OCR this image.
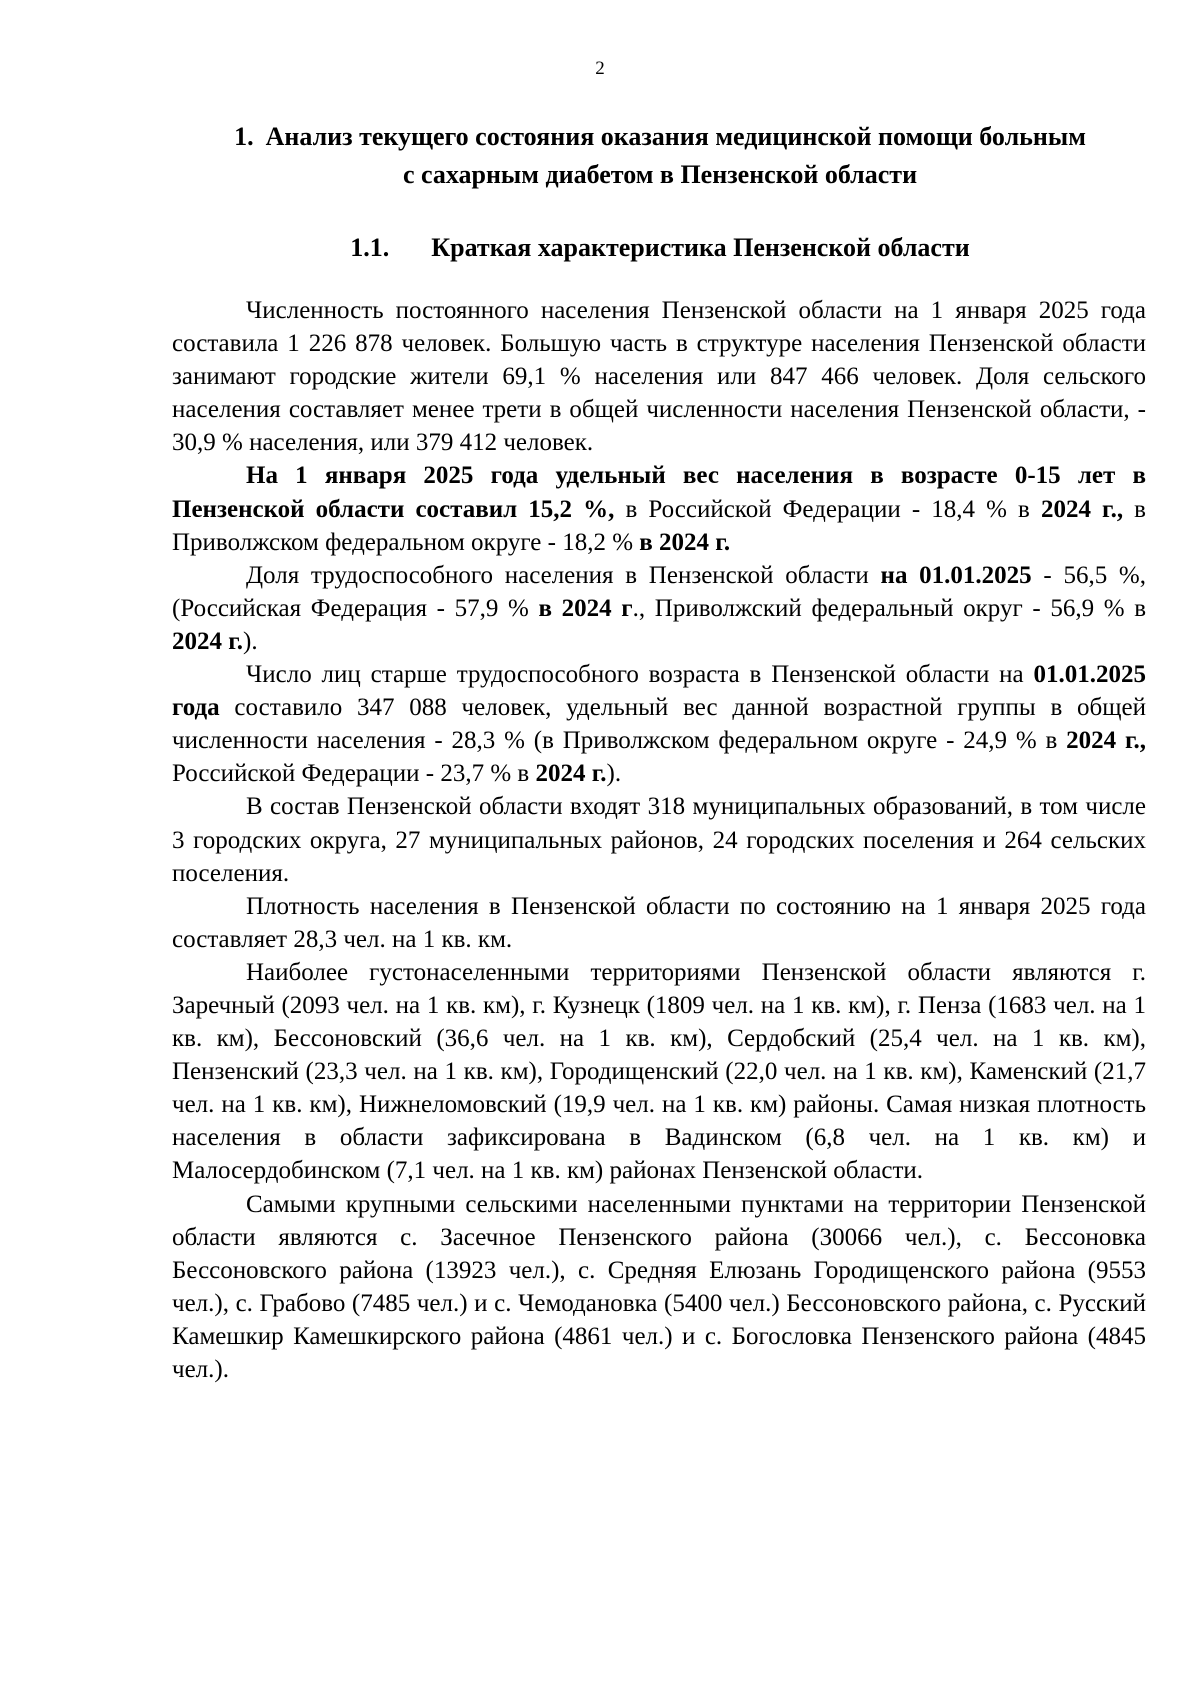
2
1. Анализ текущего состояния оказания медицинской помощи больным
с сахарным диабетом в Пензенской области
1.1. Краткая характеристика Пензенской области

Численность постоянного населения Пензенской области на 1 января 2025 года составила 1 226 878 человек. Большую часть в структуре населения Пензенской области занимают городские жители 69,1 % населения или 847 466 человек. Доля сельского населения составляет менее трети в общей численности населения Пензенской области, - 30,9 % населения, или 379 412 человек.

На 1 января 2025 года удельный вес населения в возрасте 0-15 лет в Пензенской области составил 15,2 %, в Российской Федерации - 18,4 % в 2024 г., в Приволжском федеральном округе - 18,2 % в 2024 г.

Доля трудоспособного населения в Пензенской области на 01.01.2025 - 56,5 %, (Российская Федерация - 57,9 % в 2024 г., Приволжский федеральный округ - 56,9 % в 2024 г.).

Число лиц старше трудоспособного возраста в Пензенской области на 01.01.2025 года составило 347 088 человек, удельный вес данной возрастной группы в общей численности населения - 28,3 % (в Приволжском федеральном округе - 24,9 % в 2024 г., Российской Федерации - 23,7 % в 2024 г.).

В состав Пензенской области входят 318 муниципальных образований, в том числе 3 городских округа, 27 муниципальных районов, 24 городских поселения и 264 сельских поселения.

Плотность населения в Пензенской области по состоянию на 1 января 2025 года составляет 28,3 чел. на 1 кв. км.

Наиболее густонаселенными территориями Пензенской области являются г. Заречный (2093 чел. на 1 кв. км), г. Кузнецк (1809 чел. на 1 кв. км), г. Пенза (1683 чел. на 1 кв. км), Бессоновский (36,6 чел. на 1 кв. км), Сердобский (25,4 чел. на 1 кв. км), Пензенский (23,3 чел. на 1 кв. км), Городищенский (22,0 чел. на 1 кв. км), Каменский (21,7 чел. на 1 кв. км), Нижнеломовский (19,9 чел. на 1 кв. км) районы. Самая низкая плотность населения в области зафиксирована в Вадинском (6,8 чел. на 1 кв. км) и Малосердобинском (7,1 чел. на 1 кв. км) районах Пензенской области.

Самыми крупными сельскими населенными пунктами на территории Пензенской области являются с. Засечное Пензенского района (30066 чел.), с. Бессоновка Бессоновского района (13923 чел.), с. Средняя Елюзань Городищенского района (9553 чел.), с. Грабово (7485 чел.) и с. Чемодановка (5400 чел.) Бессоновского района, с. Русский Камешкир Камешкирского района (4861 чел.) и с. Богословка Пензенского района (4845 чел.).
